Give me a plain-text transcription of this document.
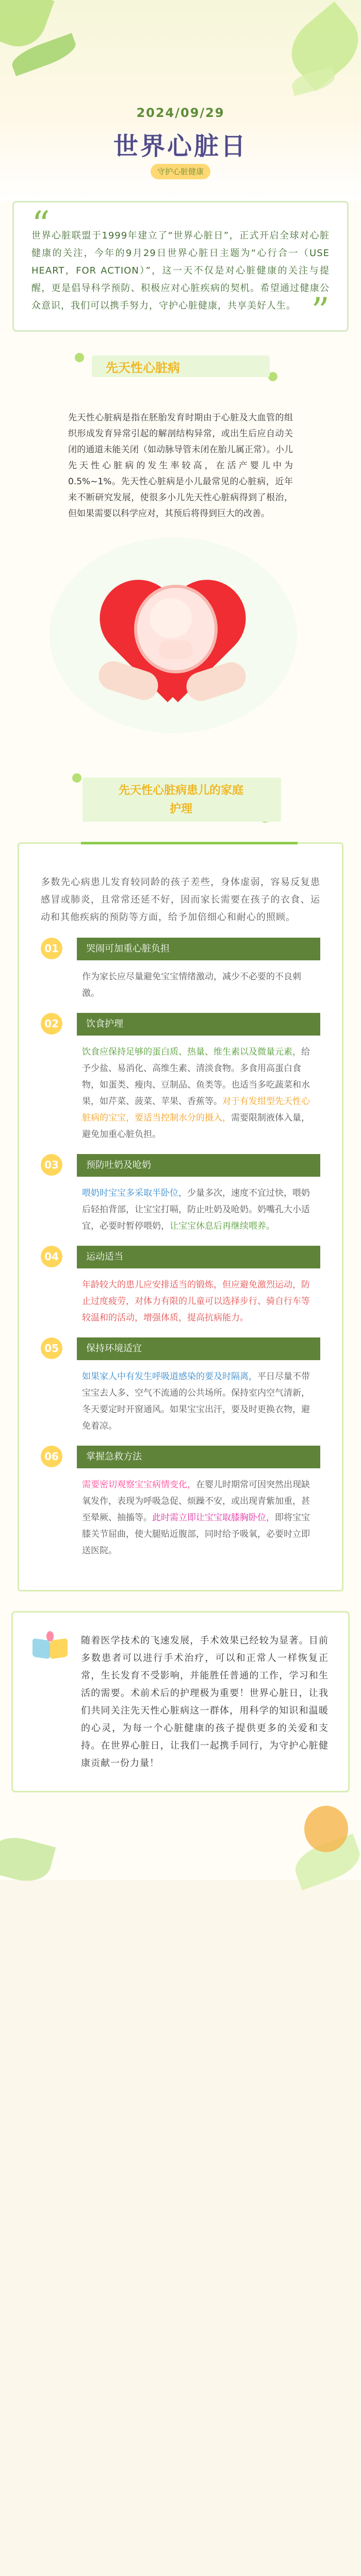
2024/09/29
世界心脏日
守护心脏健康
“
世界心脏联盟于1999年建立了“世界心脏日”，正式开启全球对心脏健康的关注，今年的9月29日世界心脏日主题为“心行合一（USE HEART，FOR ACTION）”，这一天不仅是对心脏健康的关注与提醒，更是倡导科学预防、积极应对心脏疾病的契机。希望通过健康公众意识，我们可以携手努力，守护心脏健康，共享美好人生。 ”
先天性心脏病
先天性心脏病是指在胚胎发育时期由于心脏及大血管的组织形成发育异常引起的解剖结构异常，或出生后应自动关闭的通道未能关闭（如动脉导管未闭在胎儿属正常）。小儿先天性心脏病的发生率较高，在活产婴儿中为0.5%~1%。先天性心脏病是小儿最常见的心脏病，近年来不断研究发展，使很多小儿先天性心脏病得到了根治，但如果需要以科学应对，其预后将得到巨大的改善。
先天性心脏病患儿的家庭护理
多数先心病患儿发育较同龄的孩子差些，身体虚弱，容易反复患感冒或肺炎，且常常还延不好，因而家长需要在孩子的衣食、运动和其他疾病的预防等方面，给予加倍细心和耐心的照顾。
01	哭闹可加重心脏负担
作为家长应尽量避免宝宝情绪激动，减少不必要的不良刺激。
02	饮食护理
饮食应保持足够的蛋白质、热量、维生素以及微量元素，给予少盐、易消化、高维生素、清淡食物。多食用高蛋白食物，如蛋类、瘦肉、豆制品、鱼类等。也适当多吃蔬菜和水果，如芹菜、菠菜、苹果、香蕉等。对于有发绀型先天性心脏病的宝宝，要适当控制水分的摄入，需要限制液体入量，避免加重心脏负担。
03	预防吐奶及呛奶
喂奶时宝宝多采取半卧位，少量多次，速度不宜过快，喂奶后轻拍背部，让宝宝打嗝，防止吐奶及呛奶。奶嘴孔大小适宜，必要时暂停喂奶，让宝宝休息后再继续喂养。
04	运动适当
年龄较大的患儿应安排适当的锻炼，但应避免激烈运动，防止过度疲劳，对体力有限的儿童可以选择步行、骑自行车等较温和的活动，增强体质，提高抗病能力。
05	保持环境适宜
如果家人中有发生呼吸道感染的要及时隔离，平日尽量不带宝宝去人多、空气不流通的公共场所。保持室内空气清新，冬天要定时开窗通风。如果宝宝出汗，要及时更换衣物，避免着凉。
06	掌握急救方法
需要密切观察宝宝病情变化，在婴儿时期常可因突然出现缺氧发作，表现为呼吸急促、烦躁不安，或出现青紫加重，甚至晕厥、抽搐等。此时需立即让宝宝取膝胸卧位，即将宝宝膝关节屈曲，使大腿贴近腹部，同时给予吸氧，必要时立即送医院。
随着医学技术的飞速发展，手术效果已经较为显著。目前多数患者可以进行手术治疗，可以和正常人一样恢复正常，生长发育不受影响，并能胜任普通的工作，学习和生活的需要。术前术后的护理极为重要！世界心脏日，让我们共同关注先天性心脏病这一群体，用科学的知识和温暖的心灵，为每一个心脏健康的孩子提供更多的关爱和支持。在世界心脏日，让我们一起携手同行，为守护心脏健康贡献一份力量！
